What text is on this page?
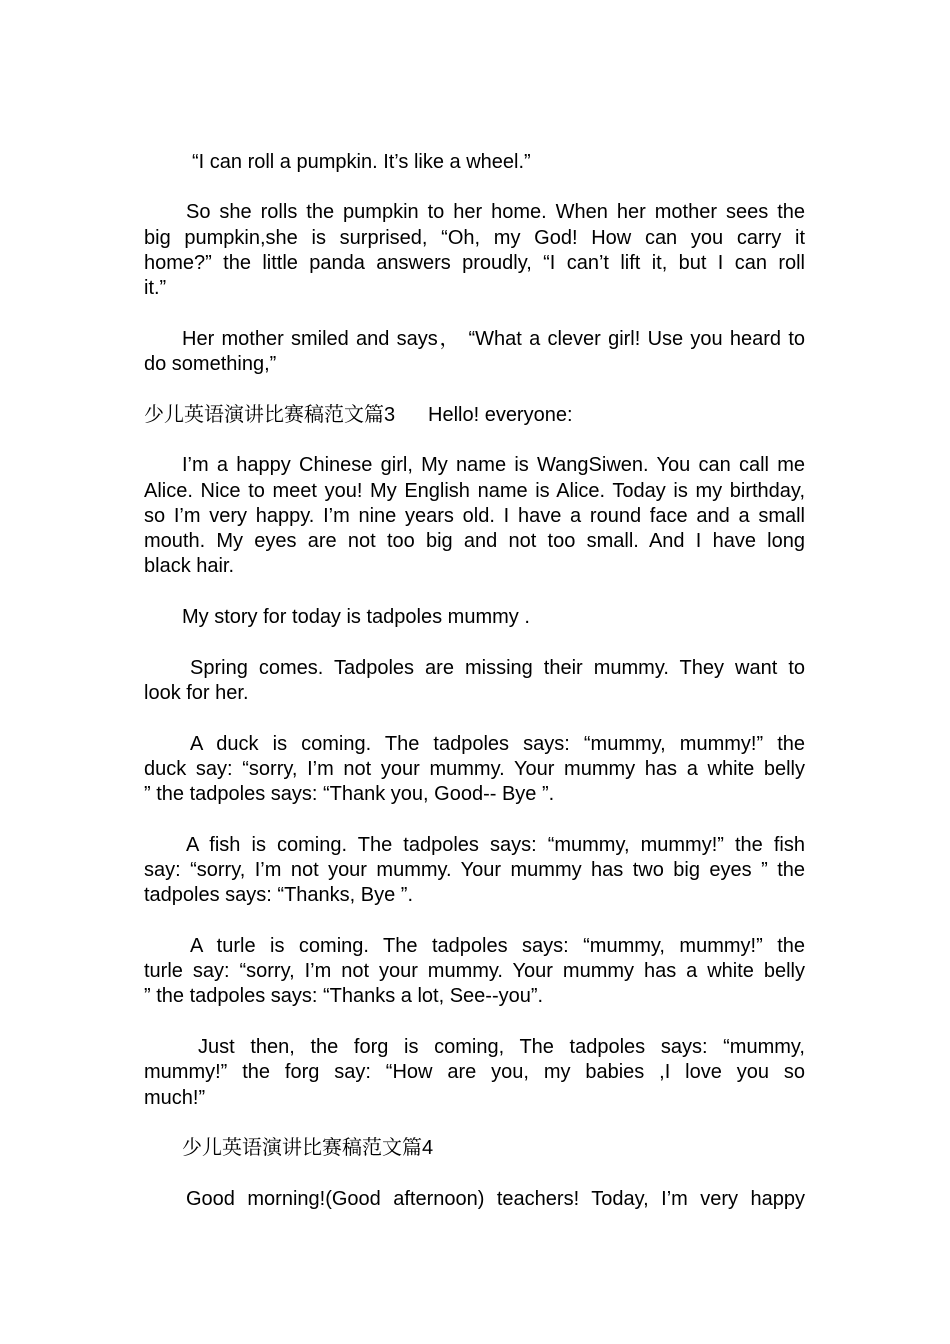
“I can roll a pumpkin. It’s like a wheel.”
So she rolls the pumpkin to her home. When her mother sees the
big pumpkin,she is surprised, “Oh, my God! How can you carry it
home?” the little panda answers proudly, “I can’t lift it, but I can roll
it.”
Her mother smiled and says， “What a clever girl! Use you heard to
do something,”
少儿英语演讲比赛稿范文篇3 Hello! everyone:
I’m a happy Chinese girl, My name is WangSiwen. You can call me
Alice. Nice to meet you! My English name is Alice. Today is my birthday,
so I’m very happy. I’m nine years old. I have a round face and a small
mouth. My eyes are not too big and not too small. And I have long
black hair.
My story for today is tadpoles mummy .
Spring comes. Tadpoles are missing their mummy. They want to
look for her.
A duck is coming. The tadpoles says: “mummy, mummy!” the
duck say: “sorry, I’m not your mummy. Your mummy has a white belly
” the tadpoles says: “Thank you, Good-- Bye ”.
A fish is coming. The tadpoles says: “mummy, mummy!” the fish
say: “sorry, I’m not your mummy. Your mummy has two big eyes ” the
tadpoles says: “Thanks, Bye ”.
A turle is coming. The tadpoles says: “mummy, mummy!” the
turle say: “sorry, I’m not your mummy. Your mummy has a white belly
” the tadpoles says: “Thanks a lot, See--you”.
Just then, the forg is coming, The tadpoles says: “mummy,
mummy!” the forg say: “How are you, my babies ,I love you so
much!”
少儿英语演讲比赛稿范文篇4
Good morning!(Good afternoon) teachers! Today, I’m very happy
